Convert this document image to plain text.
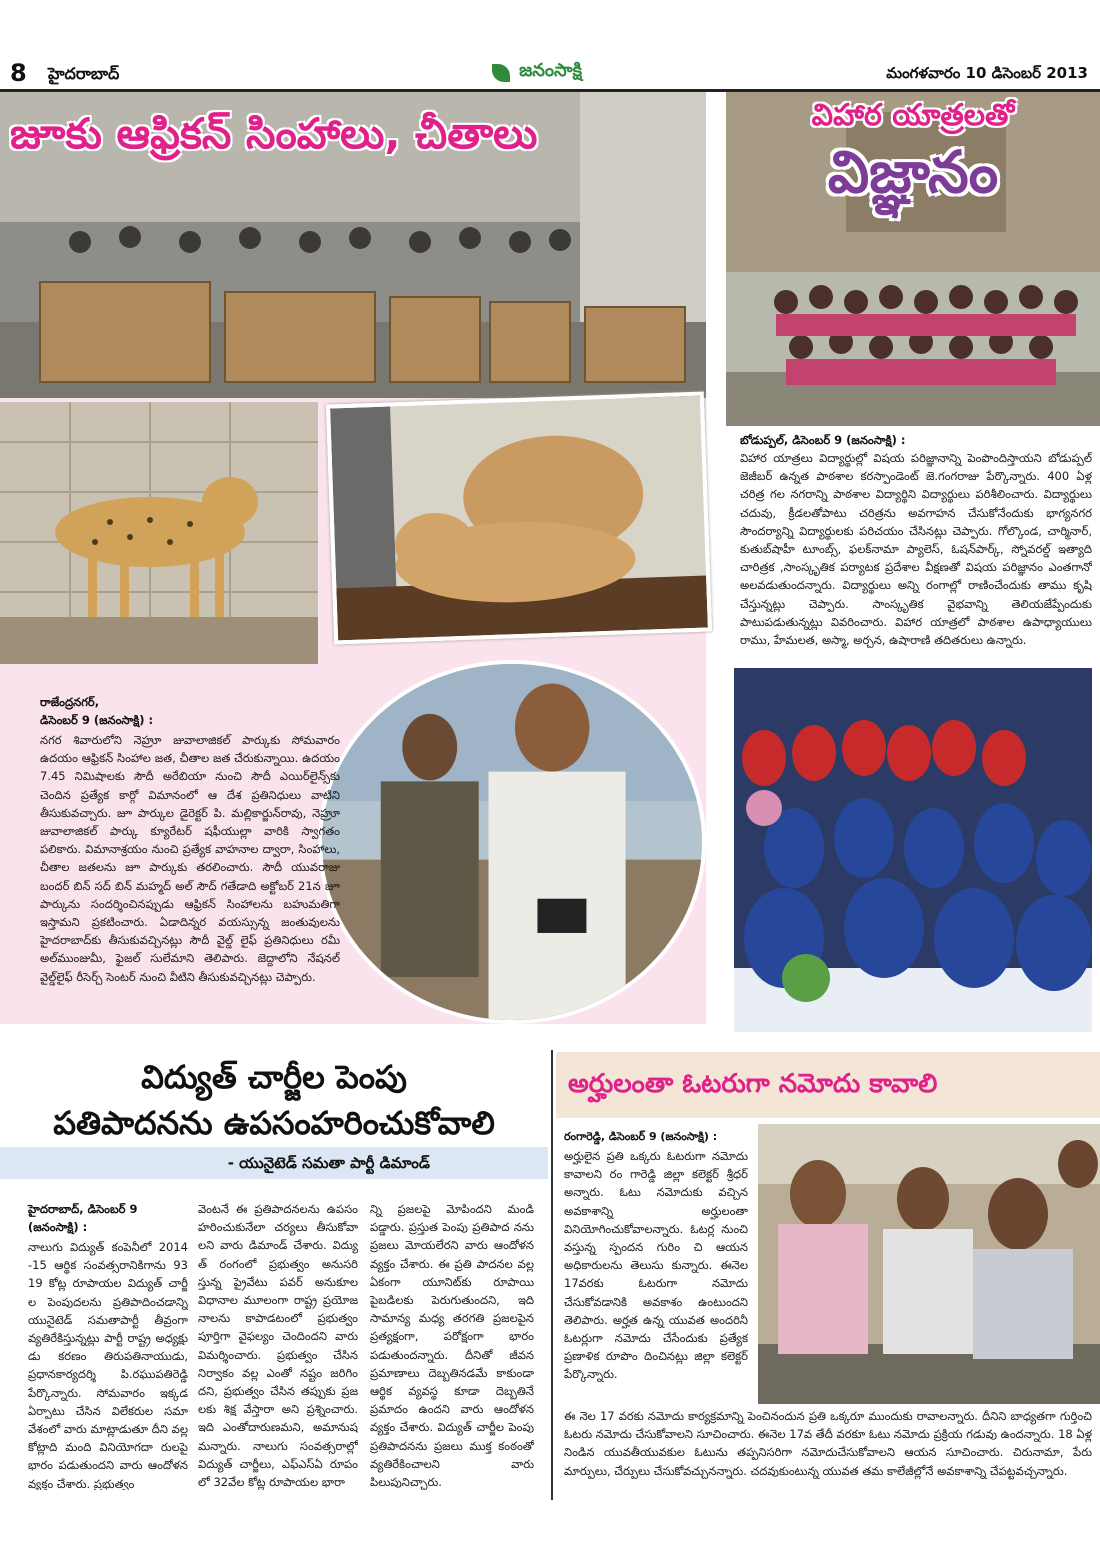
8 హైదరాబాద్	జనంసాక్షి	మంగళవారం 10 డిసెంబర్ 2013
జూకు ఆఫ్రికన్ సింహాలు, చీతాలు
రాజేంద్రనగర్,
డిసెంబర్ 9 (జనంసాక్షి) :
నగర శివారులోని నెహ్రూ జువాలాజికల్ పార్కుకు సోమవారం ఉదయం ఆఫ్రికన్ సింహాల జత, చీతాల జత చేరుకున్నాయి. ఉదయం 7.45 నిమిషాలకు సౌదీ అరేబియా నుంచి సౌదీ ఎయిర్‌లైన్స్‌కు చెందిన ప్రత్యేక కార్గో విమానంలో ఆ దేశ ప్రతినిధులు వాటిని తీసుకువచ్చారు. జూ పార్కుల డైరెక్టర్ పి. మల్లికార్జున్‌రావు, నెహ్రూ జువాలాజికల్ పార్కు క్యూరేటర్ షఫీయుల్లా వారికి స్వాగతం పలికారు. విమానాశ్రయం నుంచి ప్రత్యేక వాహనాల ద్వారా, సింహాలు, చీతాల జతలను జూ పార్కుకు తరలించారు. సౌదీ యువరాజు బందర్ బిన్ సద్ బిన్ మహ్మద్ అల్ సౌద్ గతేడాది అక్టోబర్ 21న జూ పార్కును సందర్శించినప్పుడు ఆఫ్రికన్ సింహాలను బహుమతిగా ఇస్తామని ప్రకటించారు. ఏడాదిన్నర వయస్సున్న జంతువులను హైదరాబాద్‌కు తీసుకువచ్చినట్లు సౌదీ వైల్డ్ లైఫ్ ప్రతినిధులు రమీ అల్‌ముంజుమీ, ఫైజల్ సులేమాని తెలిపారు. జెద్దాలోని నేషనల్ వైల్డ్‌లైఫ్ రీసెర్చ్ సెంటర్ నుంచి వీటిని తీసుకువచ్చినట్లు చెప్పారు.
విహార యాత్రలతో
విజ్ఞానం
బోడుప్పల్, డిసెంబర్ 9 (జనంసాక్షి) :
విహార యాత్రలు విద్యార్థుల్లో విషయ పరిజ్ఞానాన్ని పెంపొందిస్తాయని బోడుప్పల్ జెజీబర్ ఉన్నత పాఠశాల కరస్పాండెంట్ జె.గంగరాజు పేర్కొన్నారు. 400 ఏళ్ల చరిత్ర గల నగరాన్ని పాఠశాల విద్యార్థిని విద్యార్థులు పరిశీలించారు. విద్యార్థులు చదువు, క్రీడలతోపాటు చరిత్రను అవగాహన చేసుకోనేందుకు భాగ్యనగర సౌందర్యాన్ని విద్యార్థులకు పరిచయం చేసినట్లు చెప్పారు. గోల్కొండ, చార్మినార్, కుతుబ్‌షాహీ టూంబ్స్, ఫలక్‌నామా ప్యాలెస్, ఓషన్‌పార్క్, స్నోవరల్డ్ ఇత్యాది చారిత్రక ,సాంస్కృతిక పర్యాటక ప్రదేశాల వీక్షణతో విషయ పరిజ్ఞానం ఎంతగానో అలవడుతుందన్నారు. విద్యార్థులు అన్ని రంగాల్లో రాణించేందుకు తాము కృషి చేస్తున్నట్లు చెప్పారు. సాంస్కృతిక వైభవాన్ని తెలియజేప్పేందుకు పాటుపడుతున్నట్లు వివరించారు. విహార యాత్రలో పాఠశాల ఉపాధ్యాయులు రాము, హేమలత, అస్మా, అర్చన, ఉషారాణి తదితరులు ఉన్నారు.
విద్యుత్ చార్జీల పెంపు
పతిపాదనను ఉపసంహరించుకోవాలి
- యునైటెడ్ సమతా పార్టీ డిమాండ్
హైదరాబాద్, డిసెంబర్ 9
(జనంసాక్షి) :
నాలుగు విద్యుత్ కంపెనీలో 2014 -15 ఆర్థిక సంవత్సరానికిగాను 93 19 కోట్ల రూపాయల విద్యుత్ చార్జీ ల పెంపుదలను ప్రతిపాదించడాన్ని యునైటెడ్ సమతాపార్టీ తీవ్రంగా వ్యతిరేకిస్తున్నట్లు పార్టీ రాష్ట్ర అధ్యక్షు డు కరణం తిరుపతినాయుడు, ప్రధానకార్యదర్శి పి.రఘుపతిరెడ్డి పేర్కొన్నారు. సోమవారం ఇక్కడ ఏర్పాటు చేసిన విలేకరుల సమా వేశంలో వారు మాట్లాడుతూ దీని వల్ల కోట్లాది మంది వినియోగదా రులపై భారం పడుతుందని వారు ఆందోళన వ్యక్తం చేశారు. ప్రభుత్వం
వెంటనే ఈ ప్రతిపాదనలను ఉపసం హరించుకునేలా చర్యలు తీసుకోవా లని వారు డిమాండ్ చేశారు. విద్యు త్ రంగంలో ప్రభుత్వం అనుసరి స్తున్న ప్రైవేటు పవర్ అనుకూల విధానాల మూలంగా రాష్ట్ర ప్రయోజ నాలను కాపాడటంలో ప్రభుత్వం పూర్తిగా వైఫల్యం చెందిందని వారు విమర్శించారు. ప్రభుత్వం చేసిన నిర్వాకం వల్ల ఎంతో నష్టం జరిగిం దని, ప్రభుత్వం చేసిన తప్పుకు ప్రజ లకు శిక్ష వేస్తారా అని ప్రశ్నించారు. ఇది ఎంతోదారుణమని, అమానుష మన్నారు. నాలుగు సంవత్సరాల్లో విద్యుత్ చార్జీలు, ఎఫ్‌ఎస్‌ఏ రూపం లో 32వేల కోట్ల రూపాయల భారా
న్ని ప్రజలపై మోపిందని మండి పడ్డారు. ప్రస్తుత పెంపు ప్రతిపాద నను ప్రజలు మోయలేరని వారు ఆందోళన వ్యక్తం చేశారు. ఈ ప్రతి పాదనల వల్ల ఏకంగా యూనిట్‌కు రూపాయి పైబడిలకు పెరుగుతుందని, ఇది సామాన్య మధ్య తరగతి ప్రజలపైన ప్రత్యక్షంగా, పరోక్షంగా భారం పడుతుందన్నారు. దీనితో జీవన ప్రమాణాలు దెబ్బతినడమే కాకుండా ఆర్థిక వ్యవస్థ కూడా దెబ్బతినే ప్రమాదం ఉందని వారు ఆందోళన వ్యక్తం చేశారు. విద్యుత్ చార్జీల పెంపు ప్రతిపాదనను ప్రజలు ముక్త కంఠంతో వ్యతిరేకించాలని వారు పిలుపునిచ్చారు.
అర్హులంతా ఓటరుగా నమోదు కావాలి
రంగారెడ్డి, డిసెంబర్ 9 (జనంసాక్షి) :
అర్హులైన ప్రతి ఒక్కరు ఓటరుగా నమోదు కావాలని రం గారెడ్డి జిల్లా కలెక్టర్ శ్రీధర్ అన్నారు. ఓటు నమోదుకు వచ్చిన అవకాశాన్ని అర్హులంతా వినియోగించుకోవాలన్నారు. ఓటర్ల నుంచి వస్తున్న స్పందన గురిం చి ఆయన అధికారులను తెలుసు కున్నారు. ఈనెల 17వరకు ఓటరుగా నమోదు చేసుకోవడానికి అవకాశం ఉంటుందని తెలిపారు. అర్హత ఉన్న యువత అందరినీ ఓటర్లుగా నమోదు చేసేందుకు ప్రత్యేక ప్రణాళిక రూపొం దించినట్లు జిల్లా కలెక్టర్ పేర్కొన్నారు.
ఈ నెల 17 వరకు నమోదు కార్యక్రమాన్ని పెంచినందున ప్రతి ఒక్కరూ ముందుకు రావాలన్నారు. దీనిని బాధ్యతగా గుర్తించి ఓటరు నమోదు చేసుకోవాలని సూచించారు. ఈనెల 17వ తేదీ వరకూ ఓటు నమోదు ప్రక్రియ గడువు ఉందన్నారు. 18 ఏళ్ల నిండిన యువతీయువకుల ఓటును తప్పనిసరిగా నమోదుచేసుకోవాలని ఆయన సూచించారు. చిరునామా, పేరు మార్పులు, చేర్పులు చేసుకోవచ్చునన్నారు. చదవుకుంటున్న యువత తమ కాలేజీల్లోనే అవకాశాన్ని చేపట్టవచ్చన్నారు.
